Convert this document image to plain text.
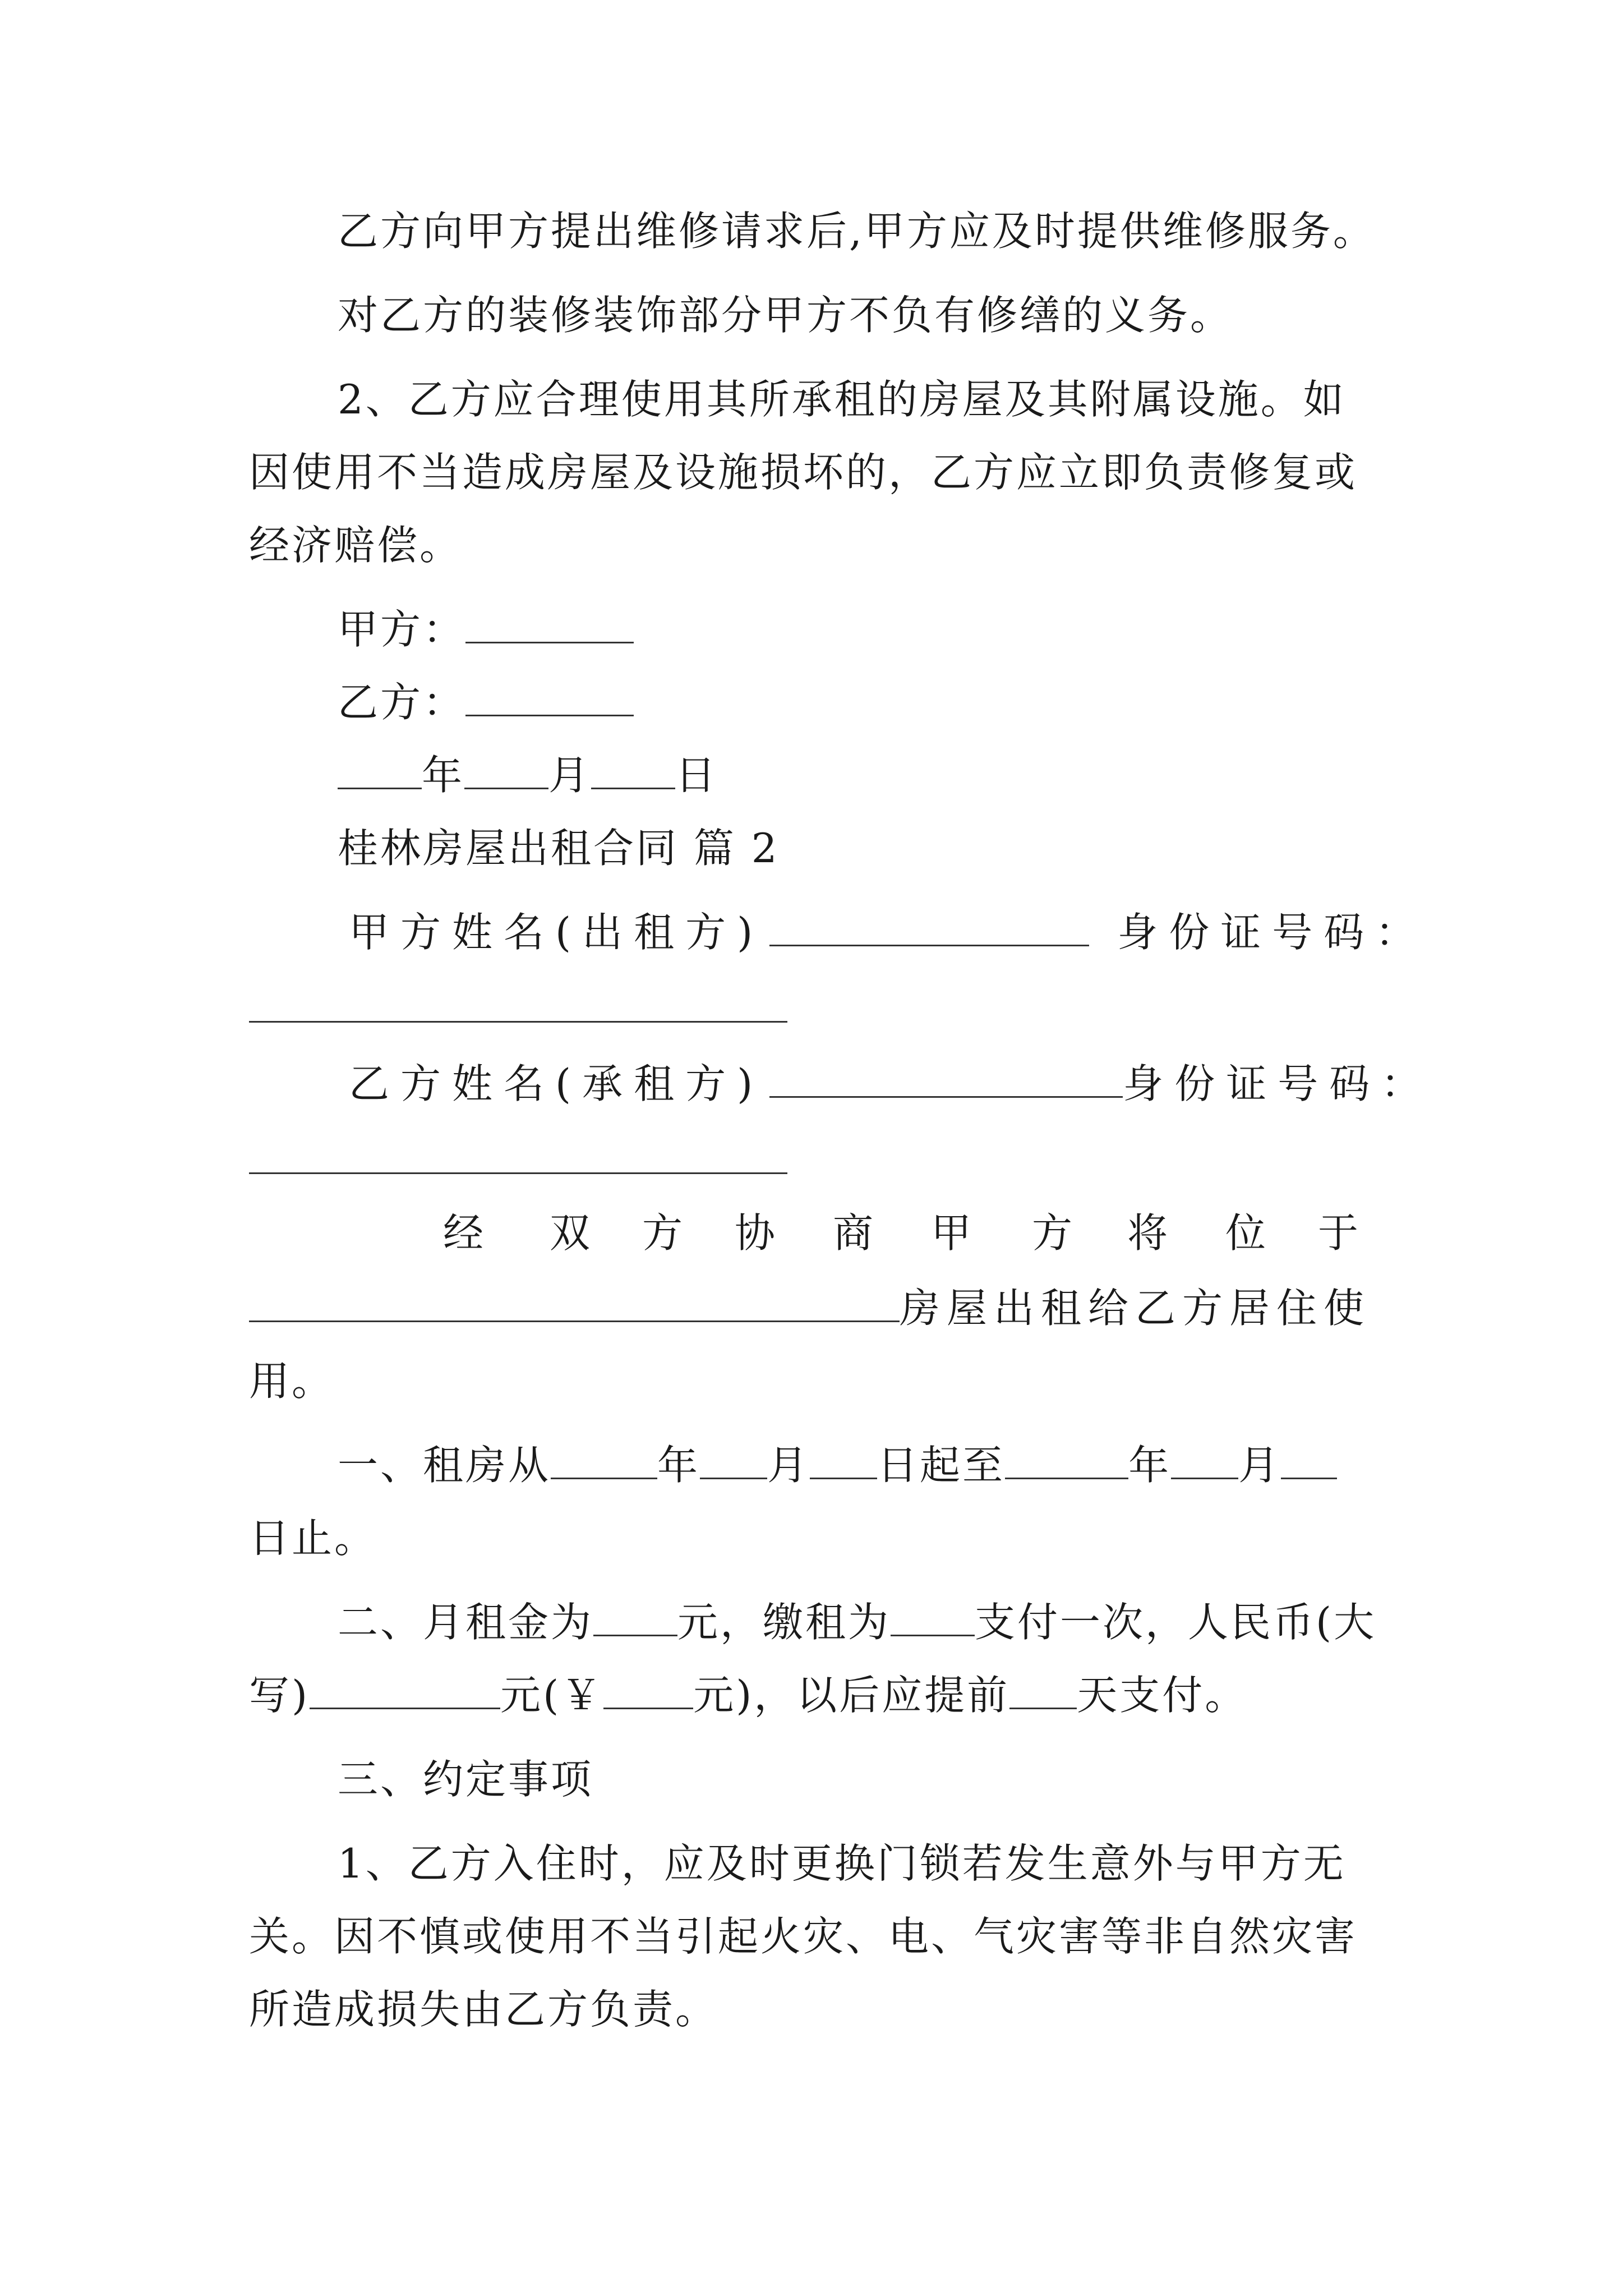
乙方向甲方提出维修请求后,甲方应及时提供维修服务。

对乙方的装修装饰部分甲方不负有修缮的义务。

2、乙方应合理使用其所承租的房屋及其附属设施。如

因使用不当造成房屋及设施损坏的，乙方应立即负责修复或

经济赔偿。

甲方：

乙方：

年 月 日

桂林房屋出租合同 篇 2

甲方姓名(出租方)	身份证号码：

乙方姓名(承租方)	身份证号码：

经 双 方 协 商 甲 方 将 位 于

房屋出租给乙方居住使

用。

一、租房从	年 月 日起至	年 月

日止。

二、月租金为 元，缴租为 支付一次，人民币(大

写)	元(￥ 元)，以后应提前 天支付。

三、约定事项

1、乙方入住时，应及时更换门锁若发生意外与甲方无

关。因不慎或使用不当引起火灾、电、气灾害等非自然灾害

所造成损失由乙方负责。
